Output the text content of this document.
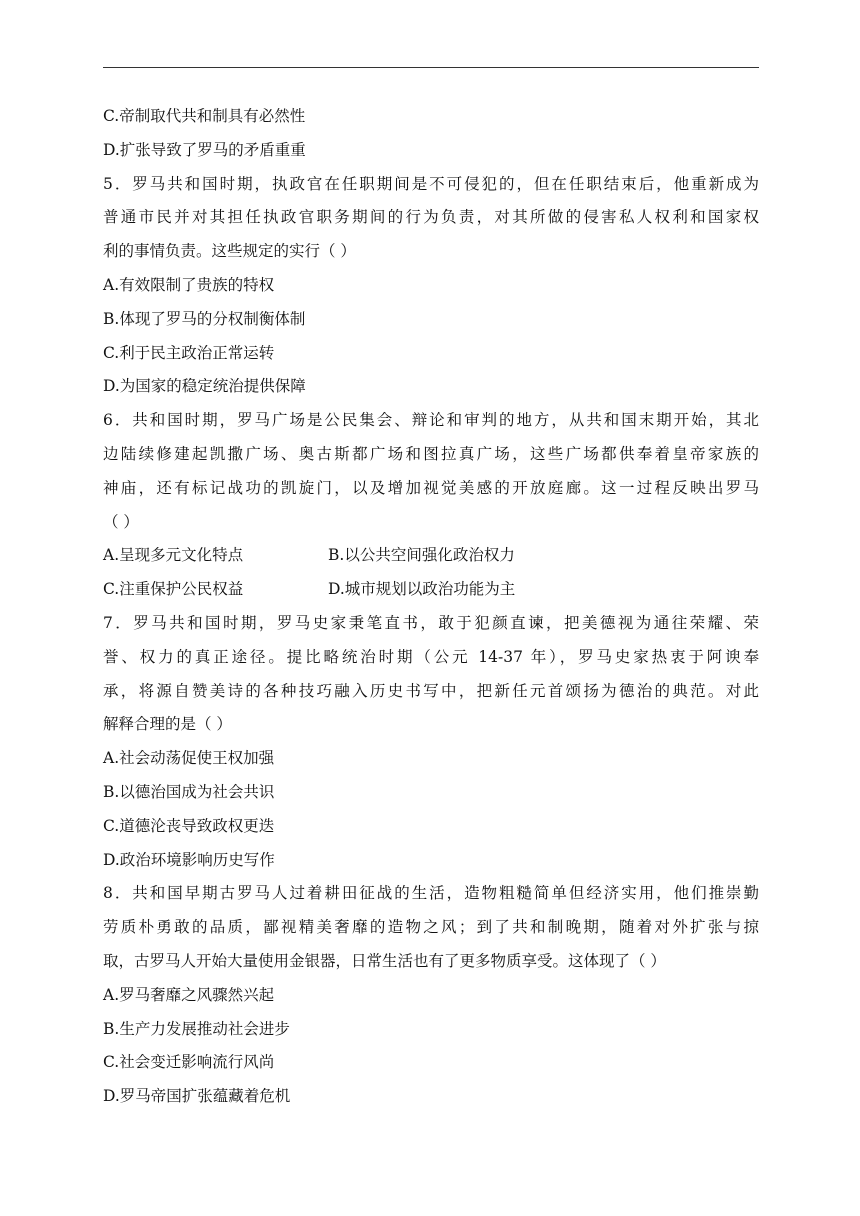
C.帝制取代共和制具有必然性
D.扩张导致了罗马的矛盾重重
5．罗马共和国时期，执政官在任职期间是不可侵犯的，但在任职结束后，他重新成为
普通市民并对其担任执政官职务期间的行为负责，对其所做的侵害私人权利和国家权
利的事情负责。这些规定的实行（ ）
A.有效限制了贵族的特权
B.体现了罗马的分权制衡体制
C.利于民主政治正常运转
D.为国家的稳定统治提供保障
6．共和国时期，罗马广场是公民集会、辩论和审判的地方，从共和国末期开始，其北
边陆续修建起凯撒广场、奥古斯都广场和图拉真广场，这些广场都供奉着皇帝家族的
神庙，还有标记战功的凯旋门，以及增加视觉美感的开放庭廊。这一过程反映出罗马
（ ）
A.呈现多元文化特点	B.以公共空间强化政治权力
C.注重保护公民权益	D.城市规划以政治功能为主
7．罗马共和国时期，罗马史家秉笔直书，敢于犯颜直谏，把美德视为通往荣耀、荣
誉、权力的真正途径。提比略统治时期（公元 14-37 年），罗马史家热衷于阿谀奉
承，将源自赞美诗的各种技巧融入历史书写中，把新任元首颂扬为德治的典范。对此
解释合理的是（ ）
A.社会动荡促使王权加强
B.以德治国成为社会共识
C.道德沦丧导致政权更迭
D.政治环境影响历史写作
8．共和国早期古罗马人过着耕田征战的生活，造物粗糙简单但经济实用，他们推崇勤
劳质朴勇敢的品质，鄙视精美奢靡的造物之风；到了共和制晚期，随着对外扩张与掠
取，古罗马人开始大量使用金银器，日常生活也有了更多物质享受。这体现了（ ）
A.罗马奢靡之风骤然兴起
B.生产力发展推动社会进步
C.社会变迁影响流行风尚
D.罗马帝国扩张蕴藏着危机
